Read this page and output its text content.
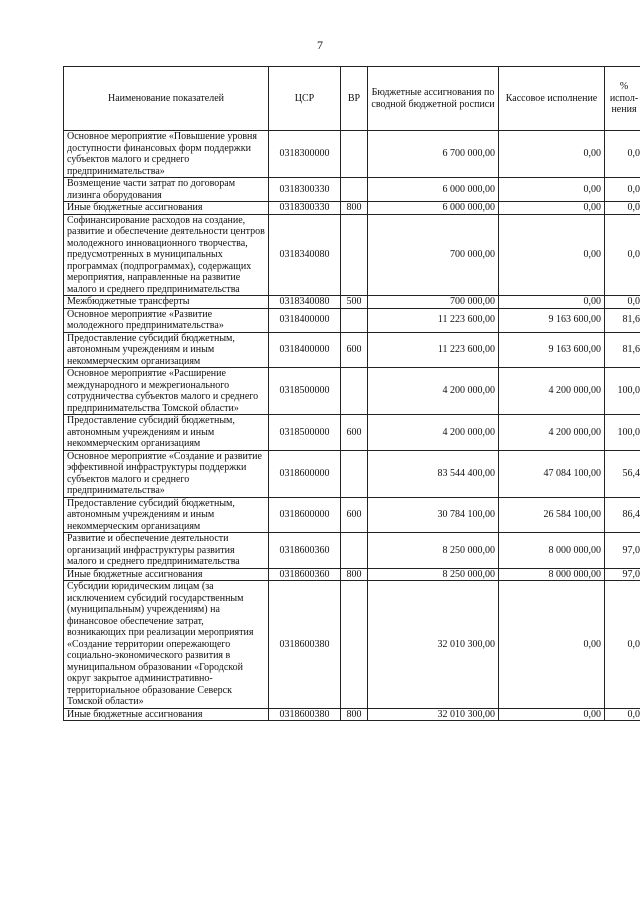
7
Наименование показателей	ЦСР	ВР	Бюджетные ассигнования по сводной бюджетной росписи	Кассовое исполнение	% испол-нения
Основное мероприятие «Повышение уровня доступности финансовых форм поддержки субъектов малого и среднего предпринимательства»	0318300000		6 700 000,00	0,00	0,0
Возмещение части затрат по договорам лизинга оборудования	0318300330		6 000 000,00	0,00	0,0
Иные бюджетные ассигнования	0318300330	800	6 000 000,00	0,00	0,0
Софинансирование расходов на создание, развитие и обеспечение деятельности центров молодежного инновационного творчества, предусмотренных в муниципальных программах (подпрограммах), содержащих мероприятия, направленные на развитие малого и среднего предпринимательства	0318340080		700 000,00	0,00	0,0
Межбюджетные трансферты	0318340080	500	700 000,00	0,00	0,0
Основное мероприятие «Развитие молодежного предпринимательства»	0318400000		11 223 600,00	9 163 600,00	81,6
Предоставление субсидий бюджетным, автономным учреждениям и иным некоммерческим организациям	0318400000	600	11 223 600,00	9 163 600,00	81,6
Основное мероприятие «Расширение международного и межрегионального сотрудничества субъектов малого и среднего предпринимательства Томской области»	0318500000		4 200 000,00	4 200 000,00	100,0
Предоставление субсидий бюджетным, автономным учреждениям и иным некоммерческим организациям	0318500000	600	4 200 000,00	4 200 000,00	100,0
Основное мероприятие «Создание и развитие эффективной инфраструктуры поддержки субъектов малого и среднего предпринимательства»	0318600000		83 544 400,00	47 084 100,00	56,4
Предоставление субсидий бюджетным, автономным учреждениям и иным некоммерческим организациям	0318600000	600	30 784 100,00	26 584 100,00	86,4
Развитие и обеспечение деятельности организаций инфраструктуры развития малого и среднего предпринимательства	0318600360		8 250 000,00	8 000 000,00	97,0
Иные бюджетные ассигнования	0318600360	800	8 250 000,00	8 000 000,00	97,0
Субсидии юридическим лицам (за исключением субсидий государственным (муниципальным) учреждениям) на финансовое обеспечение затрат, возникающих при реализации мероприятия «Создание территории опережающего социально-экономического развития в муниципальном образовании «Городской округ закрытое административно-территориальное образование Северск Томской области»	0318600380		32 010 300,00	0,00	0,0
Иные бюджетные ассигнования	0318600380	800	32 010 300,00	0,00	0,0
